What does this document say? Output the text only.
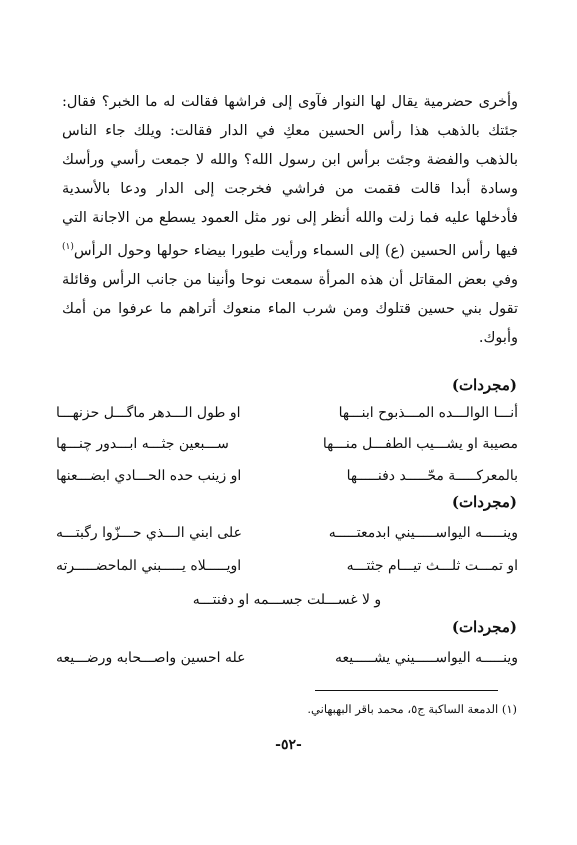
وأخرى حضرمية يقال لها النوار فآوى إلى فراشها فقالت له ما الخبر؟ فقال:
جئتك بالذهب هذا رأس الحسين معكِ في الدار فقالت: ويلك جاء الناس
بالذهب والفضة وجئت برأس ابن رسول الله؟ والله لا جمعت رأسي ورأسك
وسادة أبدا قالت فقمت من فراشي فخرجت إلى الدار ودعا بالأسدية
فأدخلها عليه فما زلت والله أنظر إلى نور مثل العمود يسطع من الاجانة التي
فيها رأس الحسين (ع) إلى السماء ورأيت طيورا بيضاء حولها وحول الرأس$^{(١)}$
وفي بعض المقاتل أن هذه المرأة سمعت نوحا وأنينا من جانب الرأس وقائلة
تقول بني حسين قتلوك ومن شرب الماء منعوك أتراهم ما عرفوا من أمك
وأبوك.
(مجردات)
أنـــا الوالـــده المـــذبوح ابنـــها
او طول الـــدهر ماگـــل حزنهـــا
مصيبة او يشـــيب الطفـــل منـــها
ســـبعين جثـــه ابـــدور چنـــها
بالمعركـــــة محّـــــد دفنـــــها
او زينب حده الحـــادي ابضـــعنها
(مجردات)
وينـــــه اليواســـــيني ابدمعتـــــه
على ابني الـــذي حـــزّوا رگبتـــه
او تمـــت ثلـــث تيـــام جثتـــه
اويـــــلاه يـــــبني الماحضـــــرته
و لا غســـلت جســـمه او دفنتـــه
(مجردات)
وينـــــه اليواســـــيني يشـــــيعه
عله احسين واصـــحابه ورضـــيعه
(١) الدمعة الساكبة ج٥، محمد باقر البهبهاني.
-٥٢-
